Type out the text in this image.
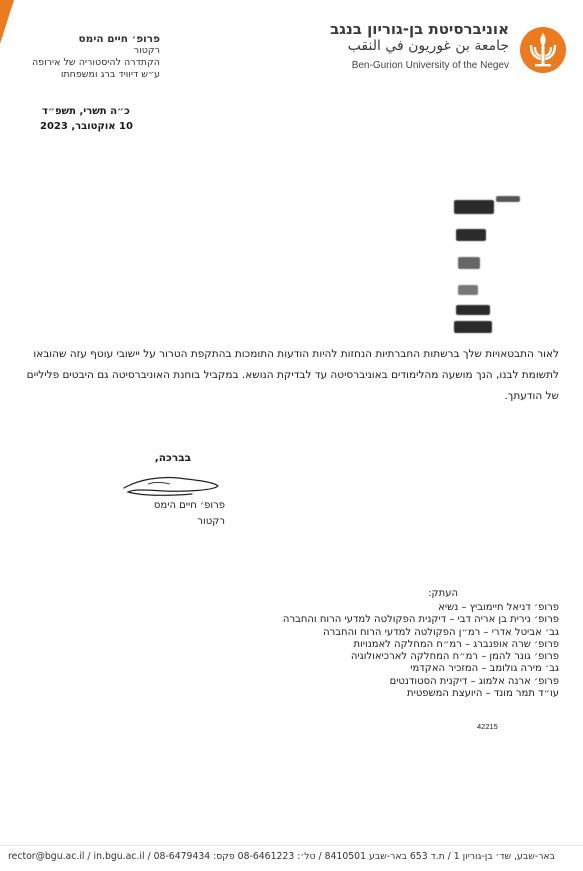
אוניברסיטת בן-גוריון בנגב
جامعة بن غوريون في النقب
Ben-Gurion University of the Negev
פרופ׳ חיים הימס
רקטור
הקתדרה להיסטוריה של אירופה
ע״ש דיוויד ברג ומשפחתו
כ״ה תשרי, תשפ״ד
10 אוקטובר, 2023
לאור התבטאויות שלך ברשתות החברתיות הנחזות להיות הודעות התומכות בהתקפת הטרור על יישובי עוטף עזה שהובאו לתשומת לבנו, הנך מושעה מהלימודים באוניברסיטה עד לבדיקת הנושא. במקביל בוחנת האוניברסיטה גם היבטים פליליים של הודעתך.
בברכה,
פרופ׳ חיים הימס
רקטור
העתק:
פרופ׳ דניאל חיימוביץ – נשיא
פרופ׳ נירית בן אריה דבי – דיקנית הפקולטה למדעי הרוח והחברה
גב׳ אביטל אדרי – רמ״ן הפקולטה למדעי הרוח והחברה
פרופ׳ שרה אופנברג – רמ״ח המחלקה לאמנויות
פרופ׳ גונר להמן – רמ״ח המחלקה לארכיאולוגיה
גב׳ מירה גולומב – המזכיר האקדמי
פרופ׳ ארנה אלמוג – דיקנית הסטודנטים
עו״ד תמר מונד – היועצת המשפטית
42215
באר-שבע, שד׳ בן-גוריון 1 / ת.ד 653 באר-שבע 8410501 / טל׳: 08-6461223 פקס: 08-6479434 / rector@bgu.ac.il / in.bgu.ac.il
